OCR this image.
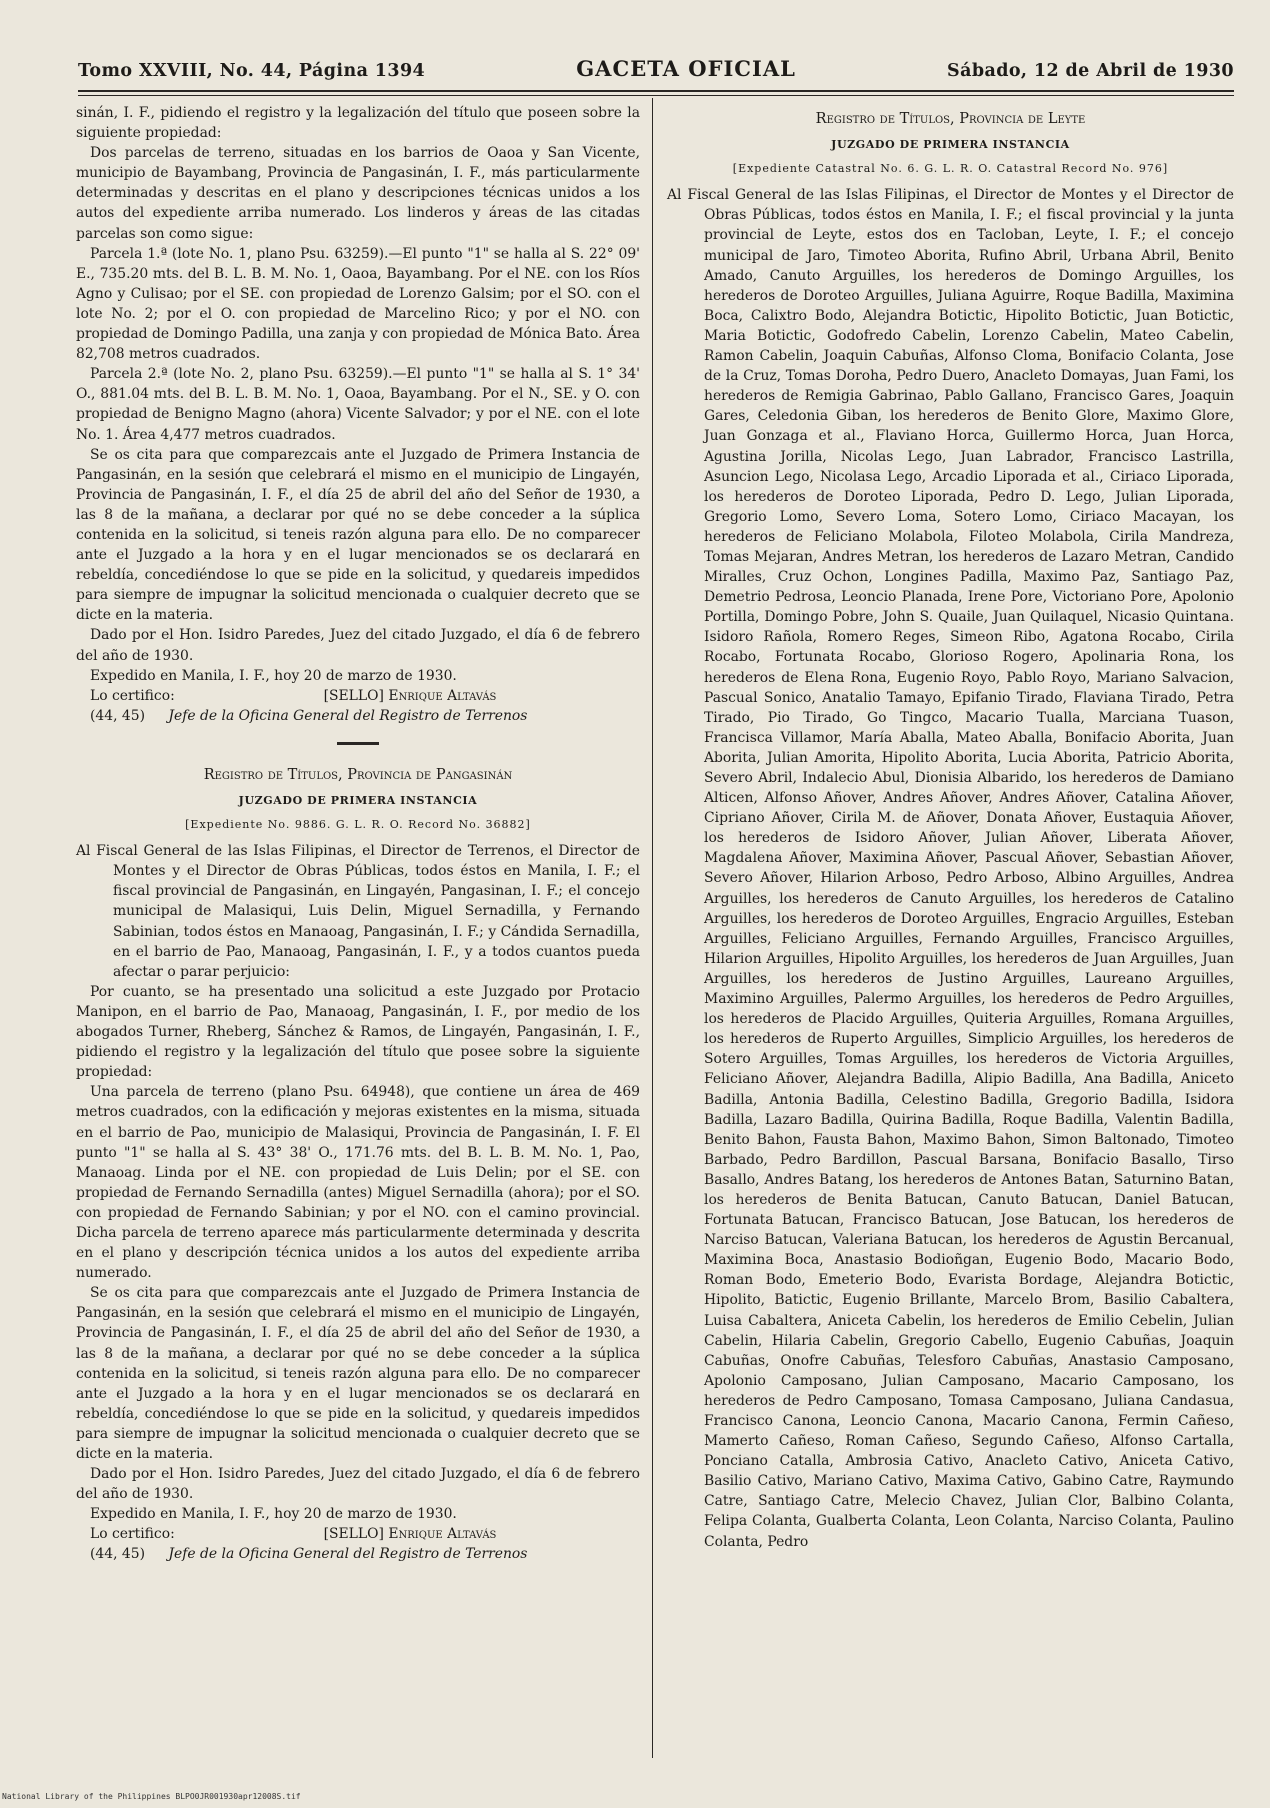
Tomo XXVIII, No. 44, Página 1394	GACETA OFICIAL	Sábado, 12 de Abril de 1930

sinán, I. F., pidiendo el registro y la legalización del título que poseen sobre la siguiente propiedad:

Dos parcelas de terreno, situadas en los barrios de Oaoa y San Vicente, municipio de Bayambang, Provincia de Pangasinán, I. F., más particularmente determinadas y descritas en el plano y descripciones técnicas unidos a los autos del expediente arriba numerado. Los linderos y áreas de las citadas parcelas son como sigue:

Parcela 1.ª (lote No. 1, plano Psu. 63259).—El punto "1" se halla al S. 22° 09' E., 735.20 mts. del B. L. B. M. No. 1, Oaoa, Bayambang. Por el NE. con los Ríos Agno y Culisao; por el SE. con propiedad de Lorenzo Galsim; por el SO. con el lote No. 2; por el O. con propiedad de Marcelino Rico; y por el NO. con propiedad de Domingo Padilla, una zanja y con propiedad de Mónica Bato. Área 82,708 metros cuadrados.

Parcela 2.ª (lote No. 2, plano Psu. 63259).—El punto "1" se halla al S. 1° 34' O., 881.04 mts. del B. L. B. M. No. 1, Oaoa, Bayambang. Por el N., SE. y O. con propiedad de Benigno Magno (ahora) Vicente Salvador; y por el NE. con el lote No. 1. Área 4,477 metros cuadrados.

Se os cita para que comparezcais ante el Juzgado de Primera Instancia de Pangasinán, en la sesión que celebrará el mismo en el municipio de Lingayén, Provincia de Pangasinán, I. F., el día 25 de abril del año del Señor de 1930, a las 8 de la mañana, a declarar por qué no se debe conceder a la súplica contenida en la solicitud, si teneis razón alguna para ello. De no comparecer ante el Juzgado a la hora y en el lugar mencionados se os declarará en rebeldía, concediéndose lo que se pide en la solicitud, y quedareis impedidos para siempre de impugnar la solicitud mencionada o cualquier decreto que se dicte en la materia.

Dado por el Hon. Isidro Paredes, Juez del citado Juzgado, el día 6 de febrero del año de 1930.

Expedido en Manila, I. F., hoy 20 de marzo de 1930.

Lo certifico:	[SELLO] Enrique Altavás

(44, 45) Jefe de la Oficina General del Registro de Terrenos

Registro de Títulos, Provincia de Pangasinán
JUZGADO DE PRIMERA INSTANCIA
[Expediente No. 9886. G. L. R. O. Record No. 36882]

Al Fiscal General de las Islas Filipinas, el Director de Terrenos, el Director de Montes y el Director de Obras Públicas, todos éstos en Manila, I. F.; el fiscal provincial de Pangasinán, en Lingayén, Pangasinan, I. F.; el concejo municipal de Malasiqui, Luis Delin, Miguel Sernadilla, y Fernando Sabinian, todos éstos en Manaoag, Pangasinán, I. F.; y Cándida Sernadilla, en el barrio de Pao, Manaoag, Pangasinán, I. F., y a todos cuantos pueda afectar o parar perjuicio:

Por cuanto, se ha presentado una solicitud a este Juzgado por Protacio Manipon, en el barrio de Pao, Manaoag, Pangasinán, I. F., por medio de los abogados Turner, Rheberg, Sánchez & Ramos, de Lingayén, Pangasinán, I. F., pidiendo el registro y la legalización del título que posee sobre la siguiente propiedad:

Una parcela de terreno (plano Psu. 64948), que contiene un área de 469 metros cuadrados, con la edificación y mejoras existentes en la misma, situada en el barrio de Pao, municipio de Malasiqui, Provincia de Pangasinán, I. F. El punto "1" se halla al S. 43° 38' O., 171.76 mts. del B. L. B. M. No. 1, Pao, Manaoag. Linda por el NE. con propiedad de Luis Delin; por el SE. con propiedad de Fernando Sernadilla (antes) Miguel Sernadilla (ahora); por el SO. con propiedad de Fernando Sabinian; y por el NO. con el camino provincial. Dicha parcela de terreno aparece más particularmente determinada y descrita en el plano y descripción técnica unidos a los autos del expediente arriba numerado.

Se os cita para que comparezcais ante el Juzgado de Primera Instancia de Pangasinán, en la sesión que celebrará el mismo en el municipio de Lingayén, Provincia de Pangasinán, I. F., el día 25 de abril del año del Señor de 1930, a las 8 de la mañana, a declarar por qué no se debe conceder a la súplica contenida en la solicitud, si teneis razón alguna para ello. De no comparecer ante el Juzgado a la hora y en el lugar mencionados se os declarará en rebeldía, concediéndose lo que se pide en la solicitud, y quedareis impedidos para siempre de impugnar la solicitud mencionada o cualquier decreto que se dicte en la materia.

Dado por el Hon. Isidro Paredes, Juez del citado Juzgado, el día 6 de febrero del año de 1930.

Expedido en Manila, I. F., hoy 20 de marzo de 1930.

Lo certifico:	[SELLO] Enrique Altavás

(44, 45) Jefe de la Oficina General del Registro de Terrenos

Registro de Títulos, Provincia de Leyte
JUZGADO DE PRIMERA INSTANCIA
[Expediente Catastral No. 6. G. L. R. O. Catastral Record No. 976]

Al Fiscal General de las Islas Filipinas, el Director de Montes y el Director de Obras Públicas, todos éstos en Manila, I. F.; el fiscal provincial y la junta provincial de Leyte, estos dos en Tacloban, Leyte, I. F.; el concejo municipal de Jaro, Timoteo Aborita, Rufino Abril, Urbana Abril, Benito Amado, Canuto Arguilles, los herederos de Domingo Arguilles, los herederos de Doroteo Arguilles, Juliana Aguirre, Roque Badilla, Maximina Boca, Calixtro Bodo, Alejandra Botictic, Hipolito Botictic, Juan Botictic, Maria Botictic, Godofredo Cabelin, Lorenzo Cabelin, Mateo Cabelin, Ramon Cabelin, Joaquin Cabuñas, Alfonso Cloma, Bonifacio Colanta, Jose de la Cruz, Tomas Doroha, Pedro Duero, Anacleto Domayas, Juan Fami, los herederos de Remigia Gabrinao, Pablo Gallano, Francisco Gares, Joaquin Gares, Celedonia Giban, los herederos de Benito Glore, Maximo Glore, Juan Gonzaga et al., Flaviano Horca, Guillermo Horca, Juan Horca, Agustina Jorilla, Nicolas Lego, Juan Labrador, Francisco Lastrilla, Asuncion Lego, Nicolasa Lego, Arcadio Liporada et al., Ciriaco Liporada, los herederos de Doroteo Liporada, Pedro D. Lego, Julian Liporada, Gregorio Lomo, Severo Loma, Sotero Lomo, Ciriaco Macayan, los herederos de Feliciano Molabola, Filoteo Molabola, Cirila Mandreza, Tomas Mejaran, Andres Metran, los herederos de Lazaro Metran, Candido Miralles, Cruz Ochon, Longines Padilla, Maximo Paz, Santiago Paz, Demetrio Pedrosa, Leoncio Planada, Irene Pore, Victoriano Pore, Apolonio Portilla, Domingo Pobre, John S. Quaile, Juan Quilaquel, Nicasio Quintana. Isidoro Rañola, Romero Reges, Simeon Ribo, Agatona Rocabo, Cirila Rocabo, Fortunata Rocabo, Glorioso Rogero, Apolinaria Rona, los herederos de Elena Rona, Eugenio Royo, Pablo Royo, Mariano Salvacion, Pascual Sonico, Anatalio Tamayo, Epifanio Tirado, Flaviana Tirado, Petra Tirado, Pio Tirado, Go Tingco, Macario Tualla, Marciana Tuason, Francisca Villamor, María Aballa, Mateo Aballa, Bonifacio Aborita, Juan Aborita, Julian Amorita, Hipolito Aborita, Lucia Aborita, Patricio Aborita, Severo Abril, Indalecio Abul, Dionisia Albarido, los herederos de Damiano Alticen, Alfonso Añover, Andres Añover, Andres Añover, Catalina Añover, Cipriano Añover, Cirila M. de Añover, Donata Añover, Eustaquia Añover, los herederos de Isidoro Añover, Julian Añover, Liberata Añover, Magdalena Añover, Maximina Añover, Pascual Añover, Sebastian Añover, Severo Añover, Hilarion Arboso, Pedro Arboso, Albino Arguilles, Andrea Arguilles, los herederos de Canuto Arguilles, los herederos de Catalino Arguilles, los herederos de Doroteo Arguilles, Engracio Arguilles, Esteban Arguilles, Feliciano Arguilles, Fernando Arguilles, Francisco Arguilles, Hilarion Arguilles, Hipolito Arguilles, los herederos de Juan Arguilles, Juan Arguilles, los herederos de Justino Arguilles, Laureano Arguilles, Maximino Arguilles, Palermo Arguilles, los herederos de Pedro Arguilles, los herederos de Placido Arguilles, Quiteria Arguilles, Romana Arguilles, los herederos de Ruperto Arguilles, Simplicio Arguilles, los herederos de Sotero Arguilles, Tomas Arguilles, los herederos de Victoria Arguilles, Feliciano Añover, Alejandra Badilla, Alipio Badilla, Ana Badilla, Aniceto Badilla, Antonia Badilla, Celestino Badilla, Gregorio Badilla, Isidora Badilla, Lazaro Badilla, Quirina Badilla, Roque Badilla, Valentin Badilla, Benito Bahon, Fausta Bahon, Maximo Bahon, Simon Baltonado, Timoteo Barbado, Pedro Bardillon, Pascual Barsana, Bonifacio Basallo, Tirso Basallo, Andres Batang, los herederos de Antones Batan, Saturnino Batan, los herederos de Benita Batucan, Canuto Batucan, Daniel Batucan, Fortunata Batucan, Francisco Batucan, Jose Batucan, los herederos de Narciso Batucan, Valeriana Batucan, los herederos de Agustin Bercanual, Maximina Boca, Anastasio Bodioñgan, Eugenio Bodo, Macario Bodo, Roman Bodo, Emeterio Bodo, Evarista Bordage, Alejandra Botictic, Hipolito, Batictic, Eugenio Brillante, Marcelo Brom, Basilio Cabaltera, Luisa Cabaltera, Aniceta Cabelin, los herederos de Emilio Cebelin, Julian Cabelin, Hilaria Cabelin, Gregorio Cabello, Eugenio Cabuñas, Joaquin Cabuñas, Onofre Cabuñas, Telesforo Cabuñas, Anastasio Camposano, Apolonio Camposano, Julian Camposano, Macario Camposano, los herederos de Pedro Camposano, Tomasa Camposano, Juliana Candasua, Francisco Canona, Leoncio Canona, Macario Canona, Fermin Cañeso, Mamerto Cañeso, Roman Cañeso, Segundo Cañeso, Alfonso Cartalla, Ponciano Catalla, Ambrosia Cativo, Anacleto Cativo, Aniceta Cativo, Basilio Cativo, Mariano Cativo, Maxima Cativo, Gabino Catre, Raymundo Catre, Santiago Catre, Melecio Chavez, Julian Clor, Balbino Colanta, Felipa Colanta, Gualberta Colanta, Leon Colanta, Narciso Colanta, Paulino Colanta, Pedro

National Library of the Philippines BLPO0JR001930apr12008S.tif
